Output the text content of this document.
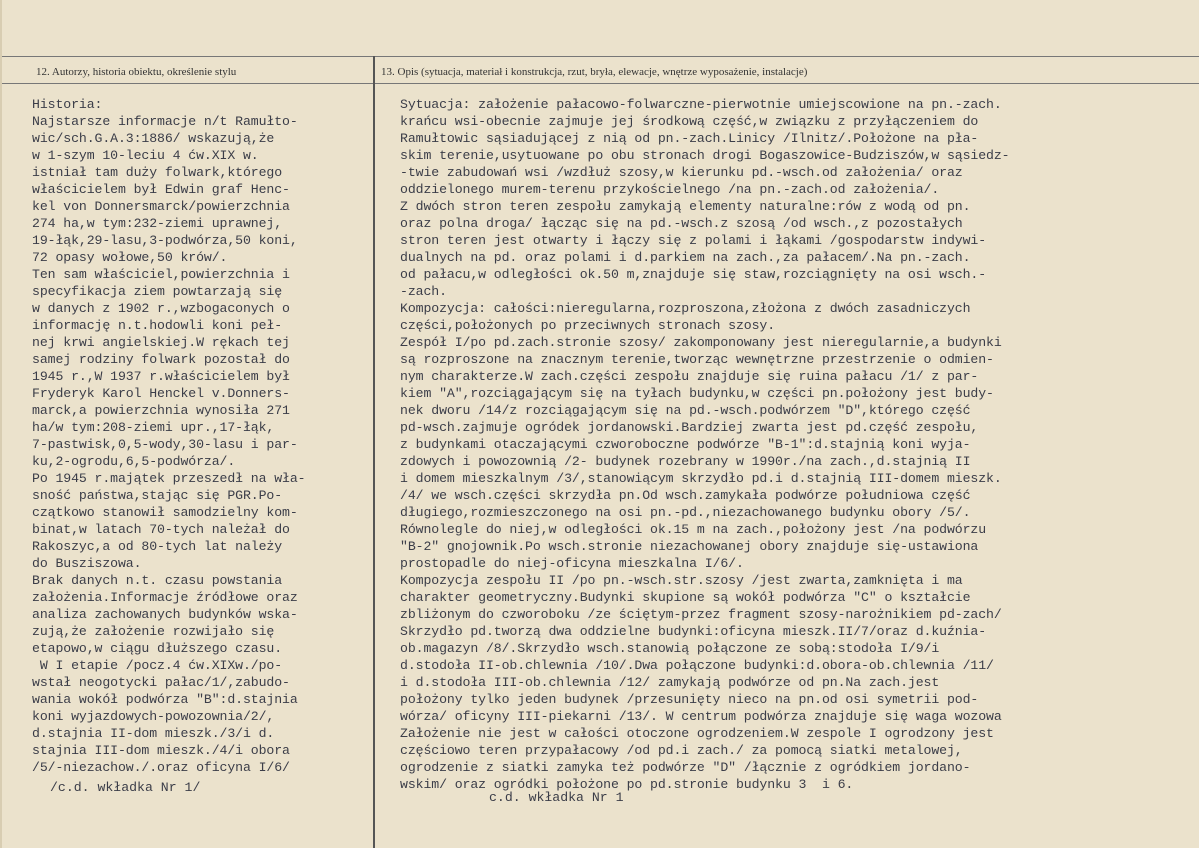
12. Autorzy, historia obiektu, określenie stylu	13. Opis (sytuacja, materiał i konstrukcja, rzut, bryła, elewacje, wnętrze wyposażenie, instalacje)
Historia:
Najstarsze informacje n/t Ramułto-
wic/sch.G.A.3:1886/ wskazują,że
w 1-szym 10-leciu 4 ćw.XIX w.
istniał tam duży folwark,którego
właścicielem był Edwin graf Henc-
kel von Donnersmarck/powierzchnia
274 ha,w tym:232-ziemi uprawnej,
19-łąk,29-lasu,3-podwórza,50 koni,
72 opasy wołowe,50 krów/.
Ten sam właściciel,powierzchnia i
specyfikacja ziem powtarzają się
w danych z 1902 r.,wzbogaconych o
informację n.t.hodowli koni peł-
nej krwi angielskiej.W rękach tej
samej rodziny folwark pozostał do
1945 r.,W 1937 r.właścicielem był
Fryderyk Karol Henckel v.Donners-
marck,a powierzchnia wynosiła 271
ha/w tym:208-ziemi upr.,17-łąk,
7-pastwisk,0,5-wody,30-lasu i par-
ku,2-ogrodu,6,5-podwórza/.
Po 1945 r.majątek przeszedł na wła-
sność państwa,stając się PGR.Po-
czątkowo stanowił samodzielny kom-
binat,w latach 70-tych należał do
Rakoszyc,a od 80-tych lat należy
do Busziszowa.
Brak danych n.t. czasu powstania
założenia.Informacje źródłowe oraz
analiza zachowanych budynków wska-
zują,że założenie rozwijało się
etapowo,w ciągu dłuższego czasu.
W I etapie /pocz.4 ćw.XIXw./po-
wstał neogotycki pałac/1/,zabudo-
wania wokół podwórza "B":d.stajnia
koni wyjazdowych-powozownia/2/,
d.stajnia II-dom mieszk./3/i d.
stajnia III-dom mieszk./4/i obora
/5/-niezachow./.oraz oficyna I/6/
Sytuacja: założenie pałacowo-folwarczne-pierwotnie umiejscowione na pn.-zach.
krańcu wsi-obecnie zajmuje jej środkową część,w związku z przyłączeniem do
Ramułtowic sąsiadującej z nią od pn.-zach.Linicy /Ilnitz/.Położone na pła-
skim terenie,usytuowane po obu stronach drogi Bogaszowice-Budziszów,w sąsiedz-
-twie zabudowań wsi /wzdłuż szosy,w kierunku pd.-wsch.od założenia/ oraz
oddzielonego murem-terenu przykościelnego /na pn.-zach.od założenia/.
Z dwóch stron teren zespołu zamykają elementy naturalne:rów z wodą od pn.
oraz polna droga/ łącząc się na pd.-wsch.z szosą /od wsch.,z pozostałych
stron teren jest otwarty i łączy się z polami i łąkami /gospodarstw indywi-
dualnych na pd. oraz polami i d.parkiem na zach.,za pałacem/.Na pn.-zach.
od pałacu,w odległości ok.50 m,znajduje się staw,rozciągnięty na osi wsch.-
-zach.
Kompozycja: całości:nieregularna,rozproszona,złożona z dwóch zasadniczych
części,położonych po przeciwnych stronach szosy.
Zespół I/po pd.zach.stronie szosy/ zakomponowany jest nieregularnie,a budynki
są rozproszone na znacznym terenie,tworząc wewnętrzne przestrzenie o odmien-
nym charakterze.W zach.części zespołu znajduje się ruina pałacu /1/ z par-
kiem "A",rozciągającym się na tyłach budynku,w części pn.położony jest budy-
nek dworu /14/z rozciągającym się na pd.-wsch.podwórzem "D",którego część
pd-wsch.zajmuje ogródek jordanowski.Bardziej zwarta jest pd.część zespołu,
z budynkami otaczającymi czworoboczne podwórze "B-1":d.stajnią koni wyja-
zdowych i powozownią /2- budynek rozebrany w 1990r./na zach.,d.stajnią II
i domem mieszkalnym /3/,stanowiącym skrzydło pd.i d.stajnią III-domem mieszk.
/4/ we wsch.części skrzydła pn.Od wsch.zamykała podwórze południowa część
długiego,rozmieszczonego na osi pn.-pd.,niezachowanego budynku obory /5/.
Równolegle do niej,w odległości ok.15 m na zach.,położony jest /na podwórzu
"B-2" gnojownik.Po wsch.stronie niezachowanej obory znajduje się-ustawiona
prostopadle do niej-oficyna mieszkalna I/6/.
Kompozycja zespołu II /po pn.-wsch.str.szosy /jest zwarta,zamknięta i ma
charakter geometryczny.Budynki skupione są wokół podwórza "C" o kształcie
zbliżonym do czworoboku /ze ściętym-przez fragment szosy-narożnikiem pd-zach/
Skrzydło pd.tworzą dwa oddzielne budynki:oficyna mieszk.II/7/oraz d.kuźnia-
ob.magazyn /8/.Skrzydło wsch.stanowią połączone ze sobą:stodoła I/9/i
d.stodoła II-ob.chlewnia /10/.Dwa połączone budynki:d.obora-ob.chlewnia /11/
i d.stodoła III-ob.chlewnia /12/ zamykają podwórze od pn.Na zach.jest
położony tylko jeden budynek /przesunięty nieco na pn.od osi symetrii pod-
wórza/ oficyny III-piekarni /13/. W centrum podwórza znajduje się waga wozowa
Założenie nie jest w całości otoczone ogrodzeniem.W zespole I ogrodzony jest
częściowo teren przypałacowy /od pd.i zach./ za pomocą siatki metalowej,
ogrodzenie z siatki zamyka też podwórze "D" /łącznie z ogródkiem jordano-
wskim/ oraz ogródki położone po pd.stronie budynku 3  i 6.
/c.d. wkładka Nr 1/
c.d. wkładka Nr 1
